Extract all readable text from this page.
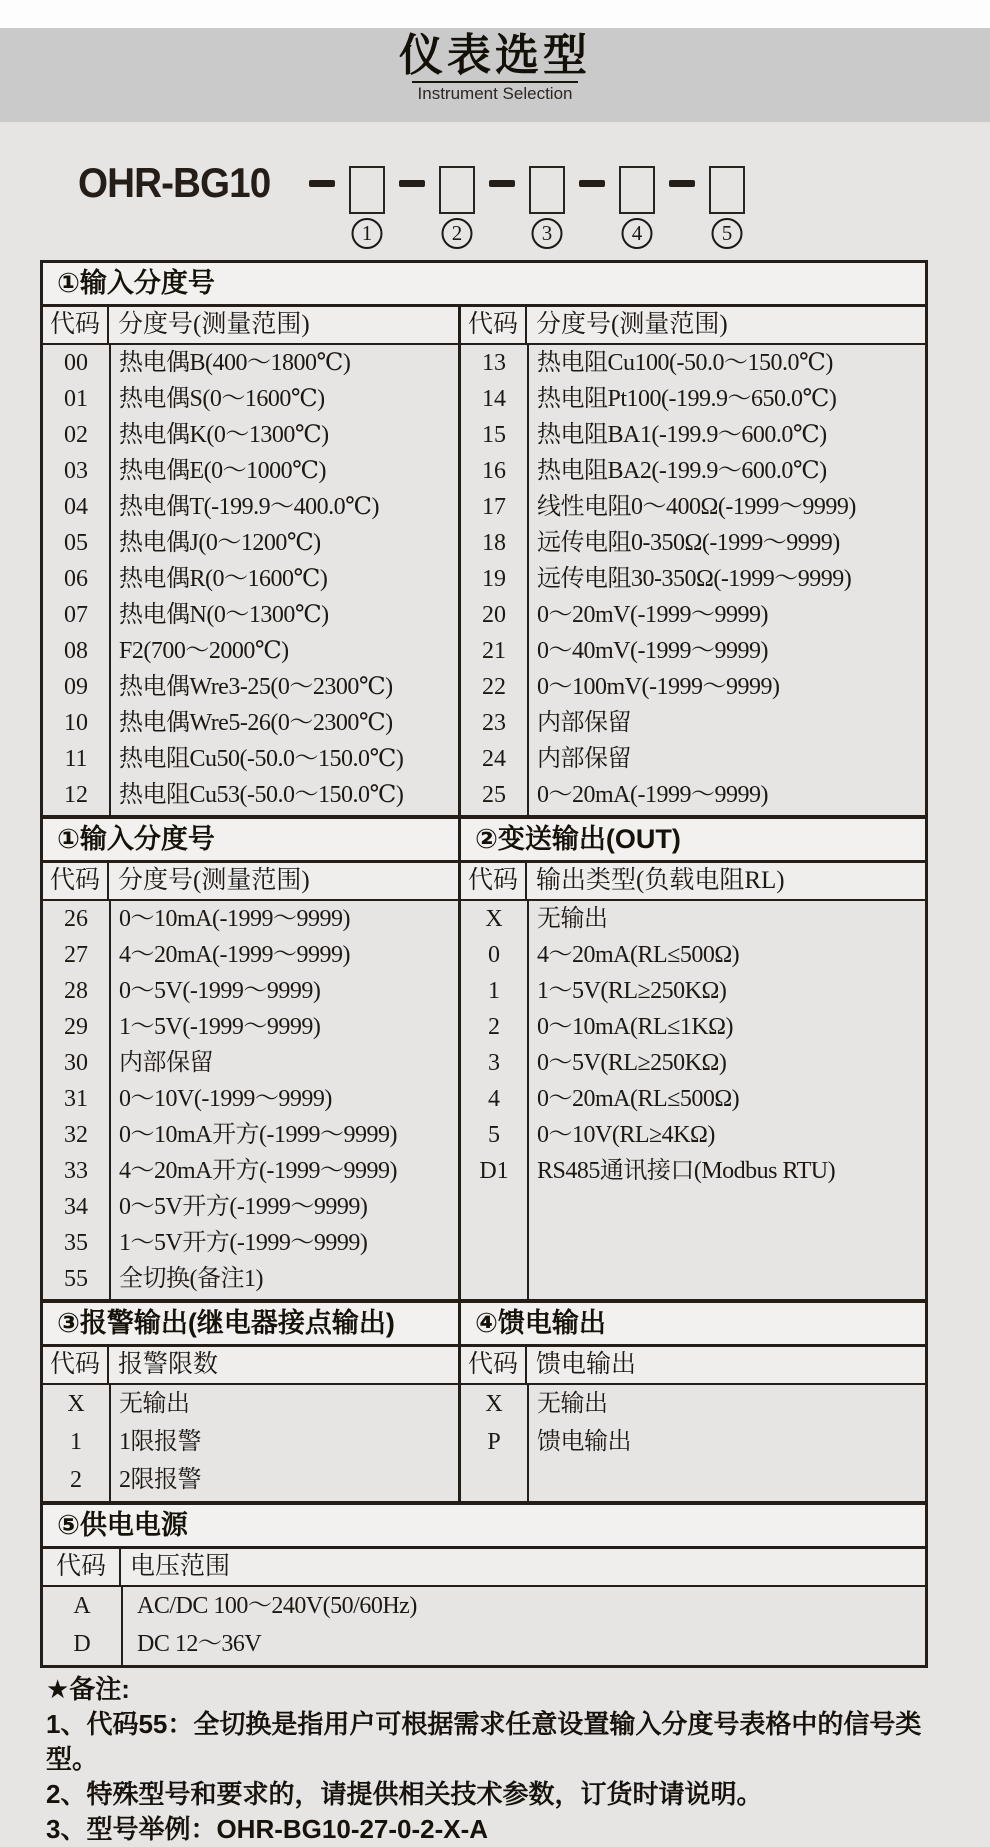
仪表选型
Instrument Selection
OHR-BG10
1	2	3	4	5
①输入分度号
代码 分度号(测量范围)
00	热电偶B(400～1800℃)
01	热电偶S(0～1600℃)
02	热电偶K(0～1300℃)
03	热电偶E(0～1000℃)
04	热电偶T(-199.9～400.0℃)
05	热电偶J(0～1200℃)
06	热电偶R(0～1600℃)
07	热电偶N(0～1300℃)
08	F2(700～2000℃)
09	热电偶Wre3-25(0～2300℃)
10	热电偶Wre5-26(0～2300℃)
11	热电阻Cu50(-50.0～150.0℃)
12	热电阻Cu53(-50.0～150.0℃)
代码 分度号(测量范围)
13	热电阻Cu100(-50.0～150.0℃)
14	热电阻Pt100(-199.9～650.0℃)
15	热电阻BA1(-199.9～600.0℃)
16	热电阻BA2(-199.9～600.0℃)
17	线性电阻0～400Ω(-1999～9999)
18	远传电阻0-350Ω(-1999～9999)
19	远传电阻30-350Ω(-1999～9999)
20	0～20mV(-1999～9999)
21	0～40mV(-1999～9999)
22	0～100mV(-1999～9999)
23	内部保留
24	内部保留
25	0～20mA(-1999～9999)
①输入分度号
代码 分度号(测量范围)
26	0～10mA(-1999～9999)
27	4～20mA(-1999～9999)
28	0～5V(-1999～9999)
29	1～5V(-1999～9999)
30	内部保留
31	0～10V(-1999～9999)
32	0～10mA开方(-1999～9999)
33	4～20mA开方(-1999～9999)
34	0～5V开方(-1999～9999)
35	1～5V开方(-1999～9999)
55	全切换(备注1)
②变送输出(OUT)
代码 输出类型(负载电阻RL)
X	无输出
0	4～20mA(RL≤500Ω)
1	1～5V(RL≥250KΩ)
2	0～10mA(RL≤1KΩ)
3	0～5V(RL≥250KΩ)
4	0～20mA(RL≤500Ω)
5	0～10V(RL≥4KΩ)
D1	RS485通讯接口(Modbus RTU)
③报警输出(继电器接点输出)
代码 报警限数
X	无输出
1	1限报警
2	2限报警
④馈电输出
代码 馈电输出
X	无输出
P	馈电输出
⑤供电电源
代码 电压范围
A	AC/DC 100～240V(50/60Hz)
D	DC 12～36V
★备注:
1、代码55：全切换是指用户可根据需求任意设置输入分度号表格中的信号类型。
2、特殊型号和要求的，请提供相关技术参数，订货时请说明。
3、型号举例：OHR-BG10-27-0-2-X-A
